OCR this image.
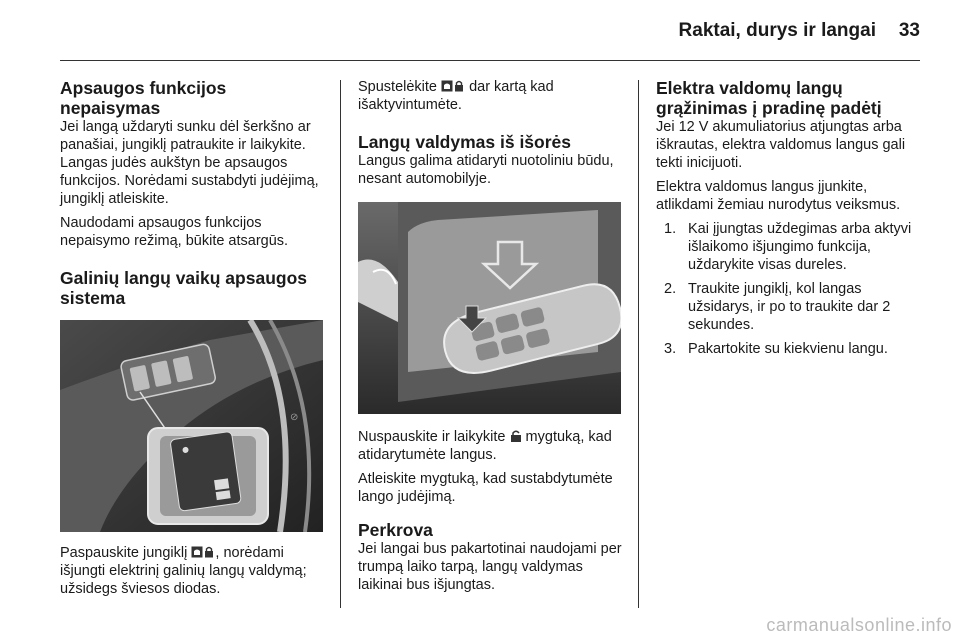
Raktai, durys ir langai 33
Apsaugos funkcijos nepaisymas

Jei langą uždaryti sunku dėl šerkšno ar panašiai, jungiklį patraukite ir laikykite. Langas judės aukštyn be apsaugos funkcijos. Norėdami sustabdyti judėjimą, jungiklį atleiskite.

Naudodami apsaugos funkcijos nepaisymo režimą, būkite atsargūs.

Galinių langų vaikų apsaugos sistema
⊘

Paspauskite jungiklį , norėdami išjungti elektrinį galinių langų valdymą; užsidegs šviesos diodas.

Spustelėkite dar kartą kad išaktyvintumėte.

Langų valdymas iš išorės

Langus galima atidaryti nuotoliniu būdu, nesant automobilyje.

Nuspauskite ir laikykite mygtuką, kad atidarytumėte langus.

Atleiskite mygtuką, kad sustabdytumėte lango judėjimą.

Perkrova

Jei langai bus pakartotinai naudojami per trumpą laiko tarpą, langų valdymas laikinai bus išjungtas.

Elektra valdomų langų grąžinimas į pradinę padėtį

Jei 12 V akumuliatorius atjungtas arba iškrautas, elektra valdomus langus gali tekti inicijuoti.

Elektra valdomus langus įjunkite, atlikdami žemiau nurodytus veiksmus.

1. Kai įjungtas uždegimas arba aktyvi išlaikomo išjungimo funkcija, uždarykite visas dureles.
2. Traukite jungiklį, kol langas užsidarys, ir po to traukite dar 2 sekundes.
3. Pakartokite su kiekvienu langu.
carmanualsonline.info
